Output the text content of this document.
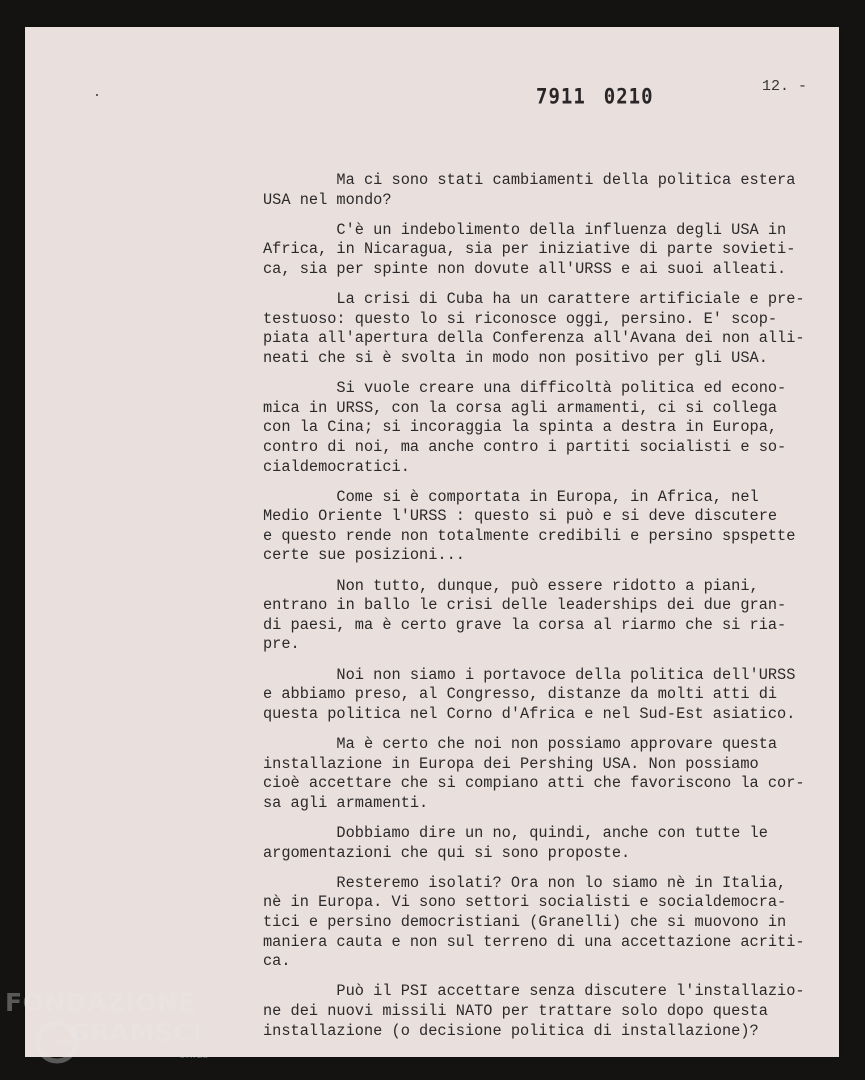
7911 0210	12. -
Ma ci sono stati cambiamenti della politica estera
USA nel mondo?
C'è un indebolimento della influenza degli USA in
Africa, in Nicaragua, sia per iniziative di parte sovieti-
ca, sia per spinte non dovute all'URSS e ai suoi alleati.
La crisi di Cuba ha un carattere artificiale e pre-
testuoso: questo lo si riconosce oggi, persino. E' scop-
piata all'apertura della Conferenza all'Avana dei non alli-
neati che si è svolta in modo non positivo per gli USA.
Si vuole creare una difficoltà politica ed econo-
mica in URSS, con la corsa agli armamenti, ci si collega
con la Cina; si incoraggia la spinta a destra in Europa,
contro di noi, ma anche contro i partiti socialisti e so-
cialdemocratici.
Come si è comportata in Europa, in Africa, nel
Medio Oriente l'URSS : questo si può e si deve discutere
e questo rende non totalmente credibili e persino spspette
certe sue posizioni...
Non tutto, dunque, può essere ridotto a piani,
entrano in ballo le crisi delle leaderships dei due gran-
di paesi, ma è certo grave la corsa al riarmo che si ria-
pre.
Noi non siamo i portavoce della politica dell'URSS
e abbiamo preso, al Congresso, distanze da molti atti di
questa politica nel Corno d'Africa e nel Sud-Est asiatico.
Ma è certo che noi non possiamo approvare questa
installazione in Europa dei Pershing USA. Non possiamo
cioè accettare che si compiano atti che favoriscono la cor-
sa agli armamenti.
Dobbiamo dire un no, quindi, anche con tutte le
argomentazioni che qui si sono proposte.
Resteremo isolati? Ora non lo siamo nè in Italia,
nè in Europa. Vi sono settori socialisti e socialdemocra-
tici e persino democristiani (Granelli) che si muovono in
maniera cauta e non sul terreno di una accettazione acriti-
ca.
Può il PSI accettare senza discutere l'installazio-
ne dei nuovi missili NATO per trattare solo dopo questa
installazione (o decisione politica di installazione)?
FONDAZIONE
GRAMSCI
onlus
